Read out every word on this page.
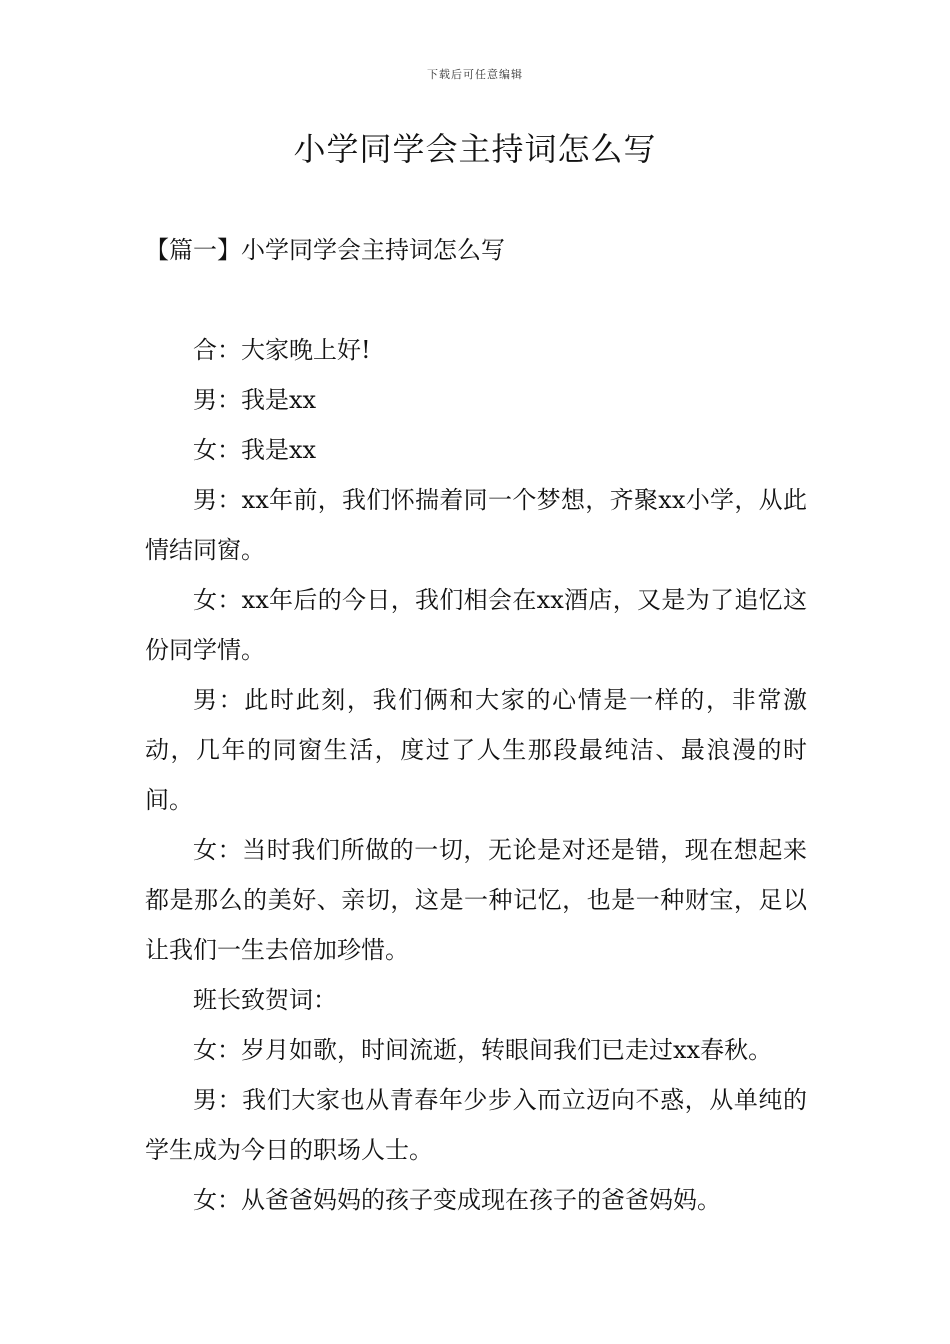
下载后可任意编辑
小学同学会主持词怎么写
【篇一】小学同学会主持词怎么写

合：大家晚上好!

男：我是xx

女：我是xx

男：xx年前，我们怀揣着同一个梦想，齐聚xx小学，从此情结同窗。

女：xx年后的今日，我们相会在xx酒店，又是为了追忆这份同学情。

男：此时此刻，我们俩和大家的心情是一样的，非常激动，几年的同窗生活，度过了人生那段最纯洁、最浪漫的时间。

女：当时我们所做的一切，无论是对还是错，现在想起来都是那么的美好、亲切，这是一种记忆，也是一种财宝，足以让我们一生去倍加珍惜。

班长致贺词：

女：岁月如歌，时间流逝，转眼间我们已走过xx春秋。

男：我们大家也从青春年少步入而立迈向不惑，从单纯的学生成为今日的职场人士。

女：从爸爸妈妈的孩子变成现在孩子的爸爸妈妈。
